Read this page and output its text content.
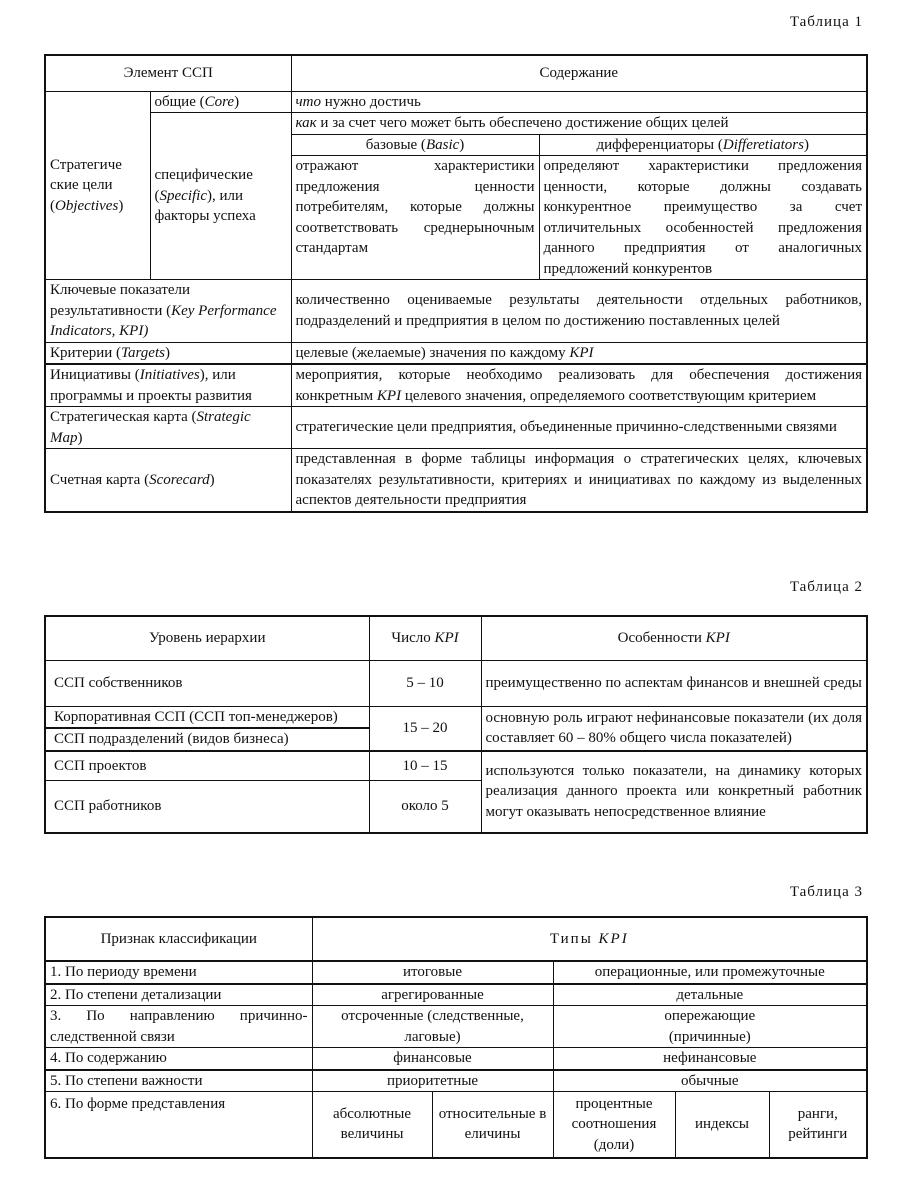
Таблица 1
Элемент ССП		Содержание	
Стратегиче ские цели (Objectives)	общие (Core)	что нужно достичь	
	специфические (Specific), или факторы успеха	как и за счет чего может быть обеспечено достижение общих целей	
		базовые (Basic)	дифференциаторы (Differetiators)
		отражают характеристики предложения ценности потребителям, которые должны соответствовать среднерыночным стандартам	определяют характеристики предложения ценности, которые должны создавать конкурентное преимущество за счет отличительных особенностей предложения данного предприятия от аналогичных предложений конкурентов
Ключевые показатели результативности (Key Performance Indicators, KPI)		количественно оцениваемые результаты деятельности отдельных работников, подразделений и предприятия в целом по достижению поставленных целей	
Критерии (Targets)		целевые (желаемые) значения по каждому KPI	
Инициативы (Initiatives), или программы и проекты развития		мероприятия, которые необходимо реализовать для обеспечения достижения конкретным KPI целевого значения, определяемого соответствующим критерием	
Стратегическая карта (Strategic Map)		стратегические цели предприятия, объединенные причинно-следственными связями	
Счетная карта (Scorecard)		представленная в форме таблицы информация о стратегических целях, ключевых показателях результативности, критериях и инициативах по каждому из выделенных аспектов деятельности предприятия	
Таблица 2
Уровень иерархии	Число KPI	Особенности KPI
ССП собственников	5 – 10	преимущественно по аспектам финансов и внешней среды
Корпоративная ССП (ССП топ-менеджеров)	15 – 20	основную роль играют нефинансовые показатели (их доля составляет 60 – 80% общего числа показателей)
ССП подразделений (видов бизнеса)		
ССП проектов	10 – 15	используются только показатели, на динамику которых реализация данного проекта или конкретный работник могут оказывать непосредственное влияние
ССП работников	около 5	
Таблица 3
Признак классификации	Типы KPI				
1. По периоду времени	итоговые		операционные, или промежуточные		
2. По степени детализации	агрегированные		детальные		
3. По направлению причинно-следственной связи	отсроченные (следственные, лаговые)		опережающие (причинные)		
4. По содержанию	финансовые		нефинансовые		
5. По степени важности	приоритетные		обычные		
6. По форме представления	абсолютные величины	относительные величины	процентные соотношения (доли)	индексы	ранги, рейтинги
